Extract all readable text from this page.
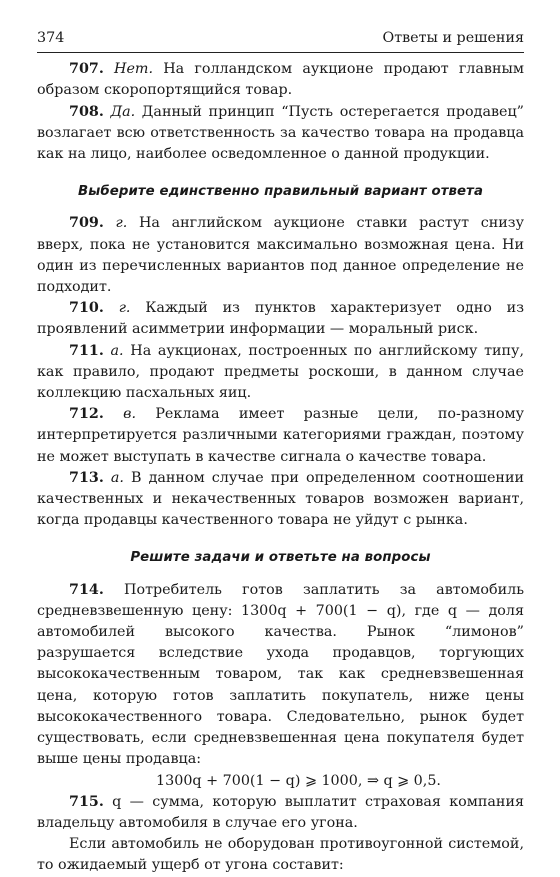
374	Ответы и решения

707. Нет. На голландском аукционе продают главным образом скоропортящийся товар.

708. Да. Данный принцип “Пусть остерегается продавец” возлагает всю ответственность за качество товара на продавца как на лицо, наиболее осведомленное о данной продукции.

Выберите единственно правильный вариант ответа

709. г. На английском аукционе ставки растут снизу вверх, пока не установится максимально возможная цена. Ни один из перечисленных вариантов под данное определение не подходит.

710. г. Каждый из пунктов характеризует одно из проявлений асимметрии информации — моральный риск.

711. а. На аукционах, построенных по английскому типу, как правило, продают предметы роскоши, в данном случае коллекцию пасхальных яиц.

712. в. Реклама имеет разные цели, по-разному интерпретируется различными категориями граждан, поэтому не может выступать в качестве сигнала о качестве товара.

713. а. В данном случае при определенном соотношении качественных и некачественных товаров возможен вариант, когда продавцы качественного товара не уйдут с рынка.

Решите задачи и ответьте на вопросы

714. Потребитель готов заплатить за автомобиль средневзвешенную цену: 1300q + 700(1 − q), где q — доля автомобилей высокого качества. Рынок “лимонов” разрушается вследствие ухода продавцов, торгующих высококачественным товаром, так как средневзвешенная цена, которую готов заплатить покупатель, ниже цены высококачественного товара. Следовательно, рынок будет существовать, если средневзвешенная цена покупателя будет выше цены продавца:

1300q + 700(1 − q) ⩾ 1000, ⇒ q ⩾ 0,5.

715. q — сумма, которую выплатит страховая компания владельцу автомобиля в случае его угона.

Если автомобиль не оборудован противоугонной системой, то ожидаемый ущерб от угона составит:
